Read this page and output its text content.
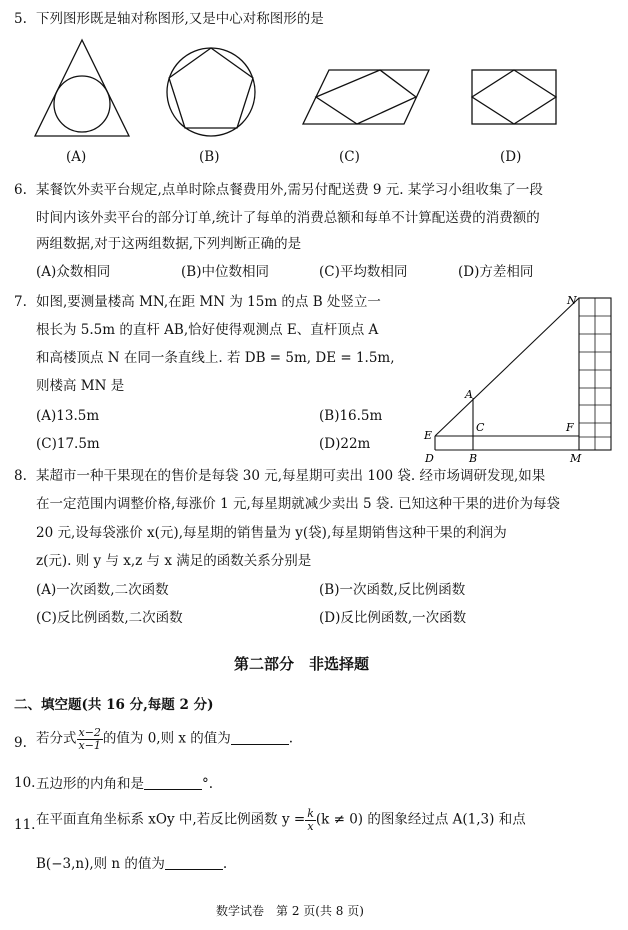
5. 下列图形既是轴对称图形,又是中心对称图形的是
(A)	(B)	(C)	(D)
6. 某餐饮外卖平台规定,点单时除点餐费用外,需另付配送费 9 元. 某学习小组收集了一段
时间内该外卖平台的部分订单,统计了每单的消费总额和每单不计算配送费的消费额的
两组数据,对于这两组数据,下列判断正确的是
(A)众数相同	(B)中位数相同	(C)平均数相同	(D)方差相同
7. 如图,要测量楼高 MN,在距 MN 为 15m 的点 B 处竖立一
根长为 5.5m 的直杆 AB,恰好使得观测点 E、直杆顶点 A
和高楼顶点 N 在同一条直线上. 若 DB = 5m, DE = 1.5m,
则楼高 MN 是
(A)13.5m	(B)16.5m
(C)17.5m	(D)22m
N
A
C	F
E
D	B	M
8. 某超市一种干果现在的售价是每袋 30 元,每星期可卖出 100 袋. 经市场调研发现,如果
在一定范围内调整价格,每涨价 1 元,每星期就减少卖出 5 袋. 已知这种干果的进价为每袋
20 元,设每袋涨价 x(元),每星期的销售量为 y(袋),每星期销售这种干果的利润为
z(元). 则 y 与 x,z 与 x 满足的函数关系分别是
(A)一次函数,二次函数	(B)一次函数,反比例函数
(C)反比例函数,二次函数	(D)反比例函数,一次函数
第二部分　非选择题
二、填空题(共 16 分,每题 2 分)
9. 若分式 $\frac{x-2}{x-1}$ 的值为 0,则 x 的值为	.
10. 五边形的内角和是	°.
11. 在平面直角坐标系 xOy 中,若反比例函数 $y = \frac{k}{x} (k \ne 0)$ 的图象经过点 A(1,3) 和点
B(−3,n),则 n 的值为	.
数学试卷　第 2 页(共 8 页)
